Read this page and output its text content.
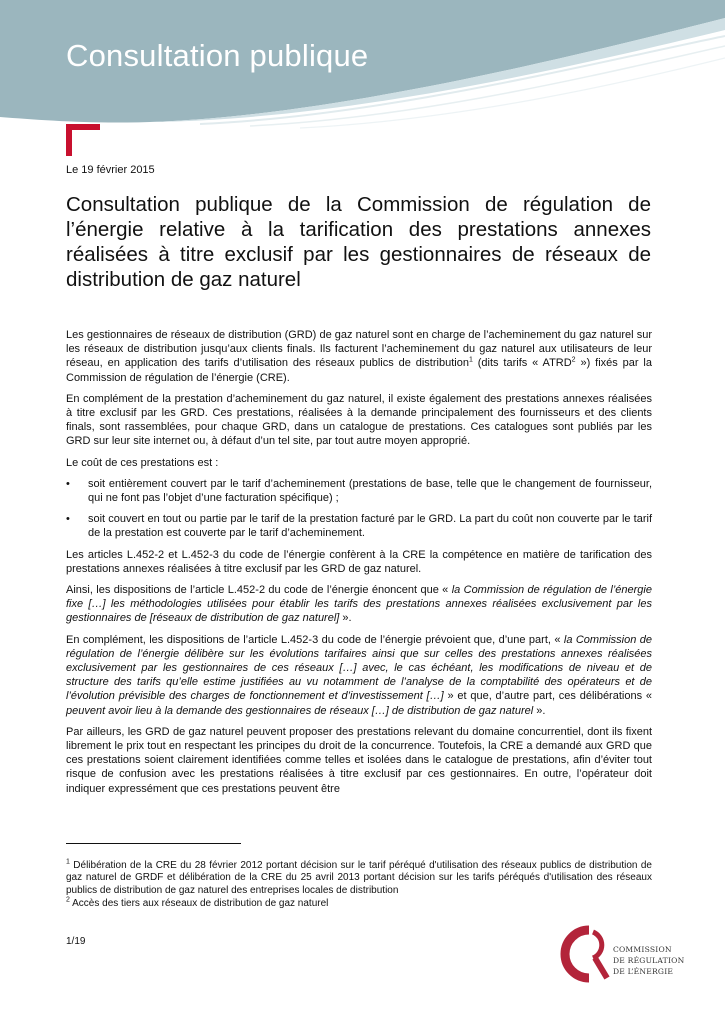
Consultation publique
Le 19 février 2015
Consultation publique de la Commission de régulation de l’énergie relative à la tarification des prestations annexes réalisées à titre exclusif par les gestionnaires de réseaux de distribution de gaz naturel

Les gestionnaires de réseaux de distribution (GRD) de gaz naturel sont en charge de l’acheminement du gaz naturel sur les réseaux de distribution jusqu’aux clients finals. Ils facturent l’acheminement du gaz naturel aux utilisateurs de leur réseau, en application des tarifs d’utilisation des réseaux publics de distribution$^1$ (dits tarifs « ATRD$^2$ ») fixés par la Commission de régulation de l’énergie (CRE).

En complément de la prestation d’acheminement du gaz naturel, il existe également des prestations annexes réalisées à titre exclusif par les GRD. Ces prestations, réalisées à la demande principalement des fournisseurs et des clients finals, sont rassemblées, pour chaque GRD, dans un catalogue de prestations. Ces catalogues sont publiés par les GRD sur leur site internet ou, à défaut d’un tel site, par tout autre moyen approprié.

Le coût de ces prestations est :

• soit entièrement couvert par le tarif d’acheminement (prestations de base, telle que le changement de fournisseur, qui ne font pas l’objet d’une facturation spécifique) ;
• soit couvert en tout ou partie par le tarif de la prestation facturé par le GRD. La part du coût non couverte par le tarif de la prestation est couverte par le tarif d’acheminement.

Les articles L.452-2 et L.452-3 du code de l’énergie confèrent à la CRE la compétence en matière de tarification des prestations annexes réalisées à titre exclusif par les GRD de gaz naturel.

Ainsi, les dispositions de l’article L.452-2 du code de l’énergie énoncent que « la Commission de régulation de l’énergie fixe […] les méthodologies utilisées pour établir les tarifs des prestations annexes réalisées exclusivement par les gestionnaires de [réseaux de distribution de gaz naturel] ».

En complément, les dispositions de l’article L.452-3 du code de l’énergie prévoient que, d’une part, « la Commission de régulation de l’énergie délibère sur les évolutions tarifaires ainsi que sur celles des prestations annexes réalisées exclusivement par les gestionnaires de ces réseaux […] avec, le cas échéant, les modifications de niveau et de structure des tarifs qu’elle estime justifiées au vu notamment de l’analyse de la comptabilité des opérateurs et de l’évolution prévisible des charges de fonctionnement et d’investissement […] » et que, d’autre part, ces délibérations « peuvent avoir lieu à la demande des gestionnaires de réseaux […] de distribution de gaz naturel ».

Par ailleurs, les GRD de gaz naturel peuvent proposer des prestations relevant du domaine concurrentiel, dont ils fixent librement le prix tout en respectant les principes du droit de la concurrence. Toutefois, la CRE a demandé aux GRD que ces prestations soient clairement identifiées comme telles et isolées dans le catalogue de prestations, afin d’éviter tout risque de confusion avec les prestations réalisées à titre exclusif par ces gestionnaires. En outre, l’opérateur doit indiquer expressément que ces prestations peuvent être

$^1$ Délibération de la CRE du 28 février 2012 portant décision sur le tarif péréqué d'utilisation des réseaux publics de distribution de gaz naturel de GRDF et délibération de la CRE du 25 avril 2013 portant décision sur les tarifs péréqués d'utilisation des réseaux publics de distribution de gaz naturel des entreprises locales de distribution

$^2$ Accès des tiers aux réseaux de distribution de gaz naturel

1/19
COMMISSION
DE RÉGULATION
DE L’ÉNERGIE
